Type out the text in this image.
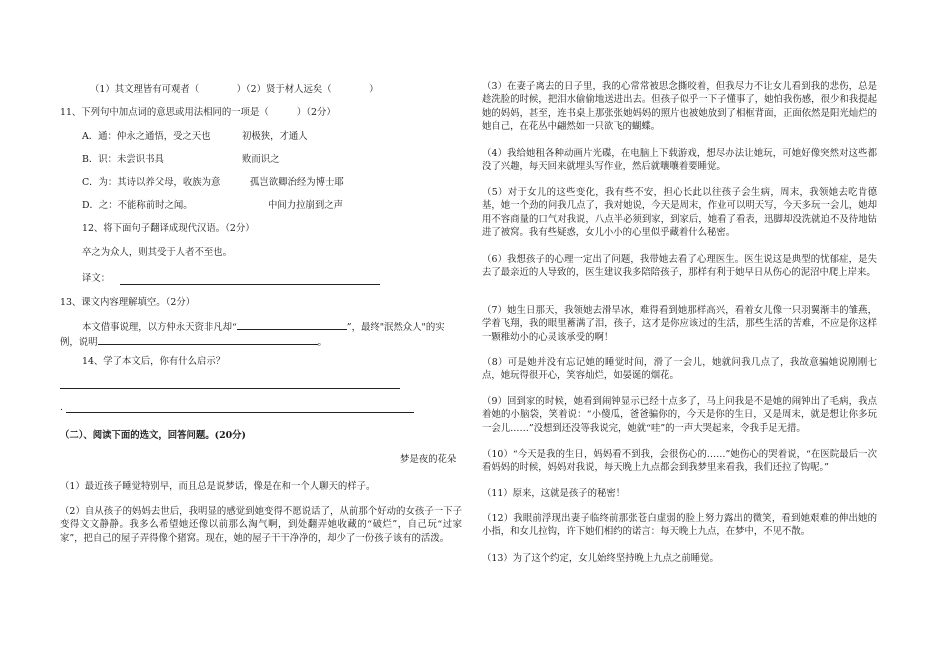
（1）其文理皆有可观者（　　　　）（2）贤于材人远矣（　　　　）
11、下列句中加点词的意思或用法相同的一项是（　　　）（2分）
A．通：仲永之通悟，受之天也	初极狭，才通人
B．识：未尝识书具	败而识之
C．为：其诗以养父母，收族为意	孤岂欲卿治经为博士耶
D．之：不能称前时之闻。	中间力拉崩到之声
12、将下面句子翻译成现代汉语。（2分）
卒之为众人，则其受于人者不至也。
译文：
13、课文内容理解填空。（2分）
本文借事说理，以方仲永天资非凡却“	”，最终"泯然众人"的实
例，说明	。
14、学了本文后，你有什么启示？
.
（二）、阅读下面的选文，回答问题。(20分)
梦是夜的花朵
（1）最近孩子睡觉特别早，而且总是说梦话，像是在和一个人聊天的样子。
（2）自从孩子的妈妈去世后，我明显的感觉到她变得不愿说话了，从前那个好动的女孩子一下子变得文文静静。我多么希望她还像以前那么淘气啊，到处翻弄她收藏的“破烂”，自己玩“过家家”，把自己的屋子弄得像个猪窝。现在，她的屋子干干净净的，却少了一份孩子该有的活泼。
（3）在妻子离去的日子里，我的心常常被思念撕咬着，但我尽力不让女儿看到我的悲伤，总是趁洗脸的时候，把泪水偷偷地送进出去。但孩子似乎一下子懂事了，她怕我伤感，很少和我提起她的妈妈，甚至，连书桌上那张张她妈妈的照片也被她放到了相框背面，正面依然是阳光灿烂的她自己，在花丛中翩然如一只欲飞的蝴蝶。
（4）我给她租各种动画片光碟，在电脑上下载游戏，想尽办法让她玩，可她好像突然对这些都没了兴趣，每天回来就埋头写作业，然后就嚷嚷着要睡觉。
（5）对于女儿的这些变化，我有些不安，担心长此以往孩子会生病，周末，我领她去吃肯德基，她一个劲的问我几点了，我对她说，今天是周末，作业可以明天写，今天多玩一会儿，她却用不容商量的口气对我说，八点半必须到家，到家后，她看了看表，迅脚却没洗就迫不及待地钻进了被窝。我有些疑惑，女儿小小的心里似乎藏着什么秘密。
（6）我想孩子的心理一定出了问题，我带她去看了心理医生。医生说这是典型的忧郁症，是失去了最亲近的人导致的，医生建议我多陪陪孩子，那样有利于她早日从伤心的泥沼中爬上岸来。
（7）她生日那天，我领她去滑旱冰，难得看到她那样高兴，看着女儿像一只羽翼渐丰的雏燕，学着飞翔，我的眼里蓄满了泪，孩子，这才是你应该过的生活，那些生活的苦难，不应是你这样一颗稚幼小的心灵该承受的啊！
（8）可是她并没有忘记她的睡觉时间，滑了一会儿，她就问我几点了，我故意骗她说刚刚七点，她玩得很开心，笑容灿烂，如晏诞的烟花。
（9）回到家的时候，她看到闹钟显示已经十点多了，马上问我是不是她的闹钟出了毛病，我点着她的小脑袋，笑着说：“小傻瓜，爸爸骗你的，今天是你的生日，又是周末，就是想让你多玩一会儿……”没想到还没等我说完，她就“哇”的一声大哭起来，令我手足无措。
（10）“今天是我的生日，妈妈看不到我，会很伤心的……”她伤心的哭着说，“在医院最后一次看妈妈的时候，妈妈对我说，每天晚上九点都会到我梦里来看我，我们还拉了钩呢。”
（11）原来，这就是孩子的秘密！
（12）我眼前浮现出妻子临终前那张苍白虚弱的脸上努力露出的微笑，看到她艰难的伸出她的小指，和女儿拉钩，许下她们相约的诺言：每天晚上九点，在梦中，不见不散。
（13）为了这个约定，女儿始终坚持晚上九点之前睡觉。
